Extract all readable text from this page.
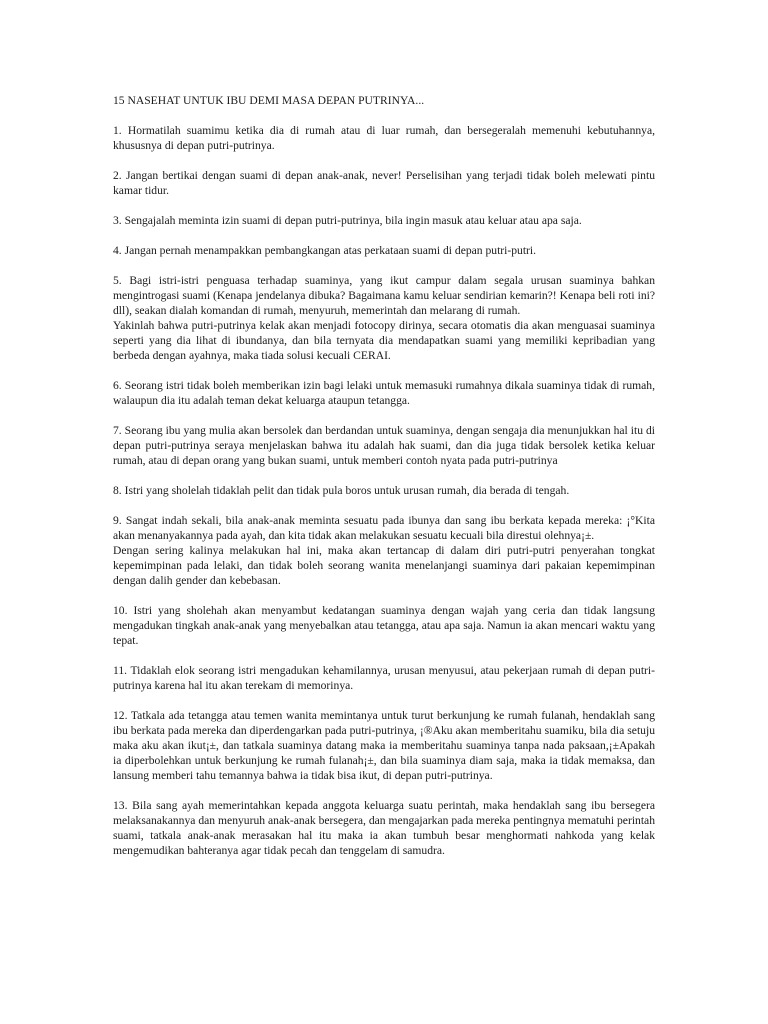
15 NASEHAT UNTUK IBU DEMI MASA DEPAN PUTRINYA...
1. Hormatilah suamimu ketika dia di rumah atau di luar rumah, dan bersegeralah memenuhi kebutuhannya, khususnya di depan putri-putrinya.
2. Jangan bertikai dengan suami di depan anak-anak, never! Perselisihan yang terjadi tidak boleh melewati pintu kamar tidur.
3. Sengajalah meminta izin suami di depan putri-putrinya, bila ingin masuk atau keluar atau apa saja.
4. Jangan pernah menampakkan pembangkangan atas perkataan suami di depan putri-putri.
5. Bagi istri-istri penguasa terhadap suaminya, yang ikut campur dalam segala urusan suaminya bahkan mengintrogasi suami (Kenapa jendelanya dibuka? Bagaimana kamu keluar sendirian kemarin?! Kenapa beli roti ini?dll), seakan dialah komandan di rumah, menyuruh, memerintah dan melarang di rumah.
Yakinlah bahwa putri-putrinya kelak akan menjadi fotocopy dirinya, secara otomatis dia akan menguasai suaminya seperti yang dia lihat di ibundanya, dan bila ternyata dia mendapatkan suami yang memiliki kepribadian yang berbeda dengan ayahnya, maka tiada solusi kecuali CERAI.
6. Seorang istri tidak boleh memberikan izin bagi lelaki untuk memasuki rumahnya dikala suaminya tidak di rumah, walaupun dia itu adalah teman dekat keluarga ataupun tetangga.
7. Seorang ibu yang mulia akan bersolek dan berdandan untuk suaminya, dengan sengaja dia menunjukkan hal itu di depan putri-putrinya seraya menjelaskan bahwa itu adalah hak suami, dan dia juga tidak bersolek ketika keluar rumah, atau di depan orang yang bukan suami, untuk memberi contoh nyata pada putri-putrinya
8. Istri yang sholelah tidaklah pelit dan tidak pula boros untuk urusan rumah, dia berada di tengah.
9. Sangat indah sekali, bila anak-anak meminta sesuatu pada ibunya dan sang ibu berkata kepada mereka: ¡°Kita akan menanyakannya pada ayah, dan kita tidak akan melakukan sesuatu kecuali bila direstui olehnya¡±.
Dengan sering kalinya melakukan hal ini, maka akan tertancap di dalam diri putri-putri penyerahan tongkat kepemimpinan pada lelaki, dan tidak boleh seorang wanita menelanjangi suaminya dari pakaian kepemimpinan dengan dalih gender dan kebebasan.
10. Istri yang sholehah akan menyambut kedatangan suaminya dengan wajah yang ceria dan tidak langsung mengadukan tingkah anak-anak yang menyebalkan atau tetangga, atau apa saja. Namun ia akan mencari waktu yang tepat.
11. Tidaklah elok seorang istri mengadukan kehamilannya, urusan menyusui, atau pekerjaan rumah di depan putri-putrinya karena hal itu akan terekam di memorinya.
12. Tatkala ada tetangga atau temen wanita memintanya untuk turut berkunjung ke rumah fulanah, hendaklah sang ibu berkata pada mereka dan diperdengarkan pada putri-putrinya, ¡®Aku akan memberitahu suamiku, bila dia setuju maka aku akan ikut¡±, dan tatkala suaminya datang maka ia memberitahu suaminya tanpa nada paksaan,¡±Apakah ia diperbolehkan untuk berkunjung ke rumah fulanah¡±, dan bila suaminya diam saja, maka ia tidak memaksa, dan lansung memberi tahu temannya bahwa ia tidak bisa ikut, di depan putri-putrinya.
13. Bila sang ayah memerintahkan kepada anggota keluarga suatu perintah, maka hendaklah sang ibu bersegera melaksanakannya dan menyuruh anak-anak bersegera, dan mengajarkan pada mereka pentingnya mematuhi perintah suami, tatkala anak-anak merasakan hal itu maka ia akan tumbuh besar menghormati nahkoda yang kelak mengemudikan bahteranya agar tidak pecah dan tenggelam di samudra.
